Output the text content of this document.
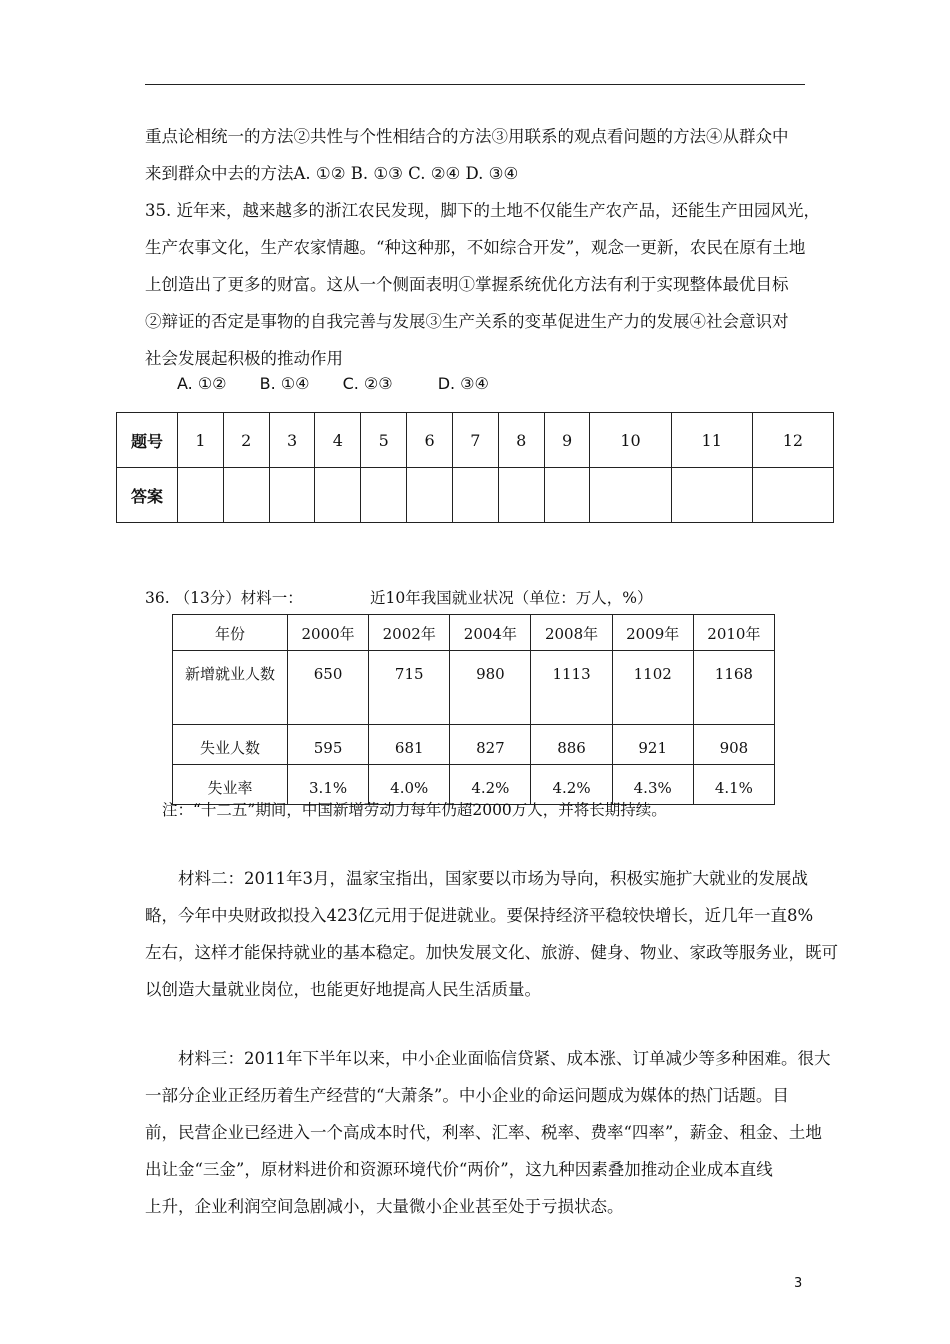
重点论相统一的方法②共性与个性相结合的方法③用联系的观点看问题的方法④从群众中
来到群众中去的方法A. ①② B. ①③ C. ②④ D. ③④
35. 近年来，越来越多的浙江农民发现，脚下的土地不仅能生产农产品，还能生产田园风光，
生产农事文化，生产农家情趣。“种这种那，不如综合开发”，观念一更新，农民在原有土地
上创造出了更多的财富。这从一个侧面表明①掌握系统优化方法有利于实现整体最优目标
②辩证的否定是事物的自我完善与发展③生产关系的变革促进生产力的发展④社会意识对
社会发展起积极的推动作用
A. ①② B. ①④ C. ②③	D. ③④
题号	1	2	3	4	5	6	7	8	9	10	11	12
答案												
36. （13分）材料一：	近10年我国就业状况（单位：万人，%）
年份	2000年	2002年	2004年	2008年	2009年	2010年
新增就业人数	650	715	980	1113	1102	1168
失业人数	595	681	827	886	921	908
失业率	3.1%	4.0%	4.2%	4.2%	4.3%	4.1%
注：“十二五”期间，中国新增劳动力每年仍超2000万人，并将长期持续。
材料二：2011年3月，温家宝指出，国家要以市场为导向，积极实施扩大就业的发展战
略，今年中央财政拟投入423亿元用于促进就业。要保持经济平稳较快增长，近几年一直8%
左右，这样才能保持就业的基本稳定。加快发展文化、旅游、健身、物业、家政等服务业，既可
以创造大量就业岗位，也能更好地提高人民生活质量。
材料三：2011年下半年以来，中小企业面临信贷紧、成本涨、订单减少等多种困难。很大
一部分企业正经历着生产经营的“大萧条”。中小企业的命运问题成为媒体的热门话题。目
前，民营企业已经进入一个高成本时代，利率、汇率、税率、费率“四率”，薪金、租金、土地
出让金“三金”，原材料进价和资源环境代价“两价”，这九种因素叠加推动企业成本直线
上升，企业利润空间急剧减小，大量微小企业甚至处于亏损状态。
3
